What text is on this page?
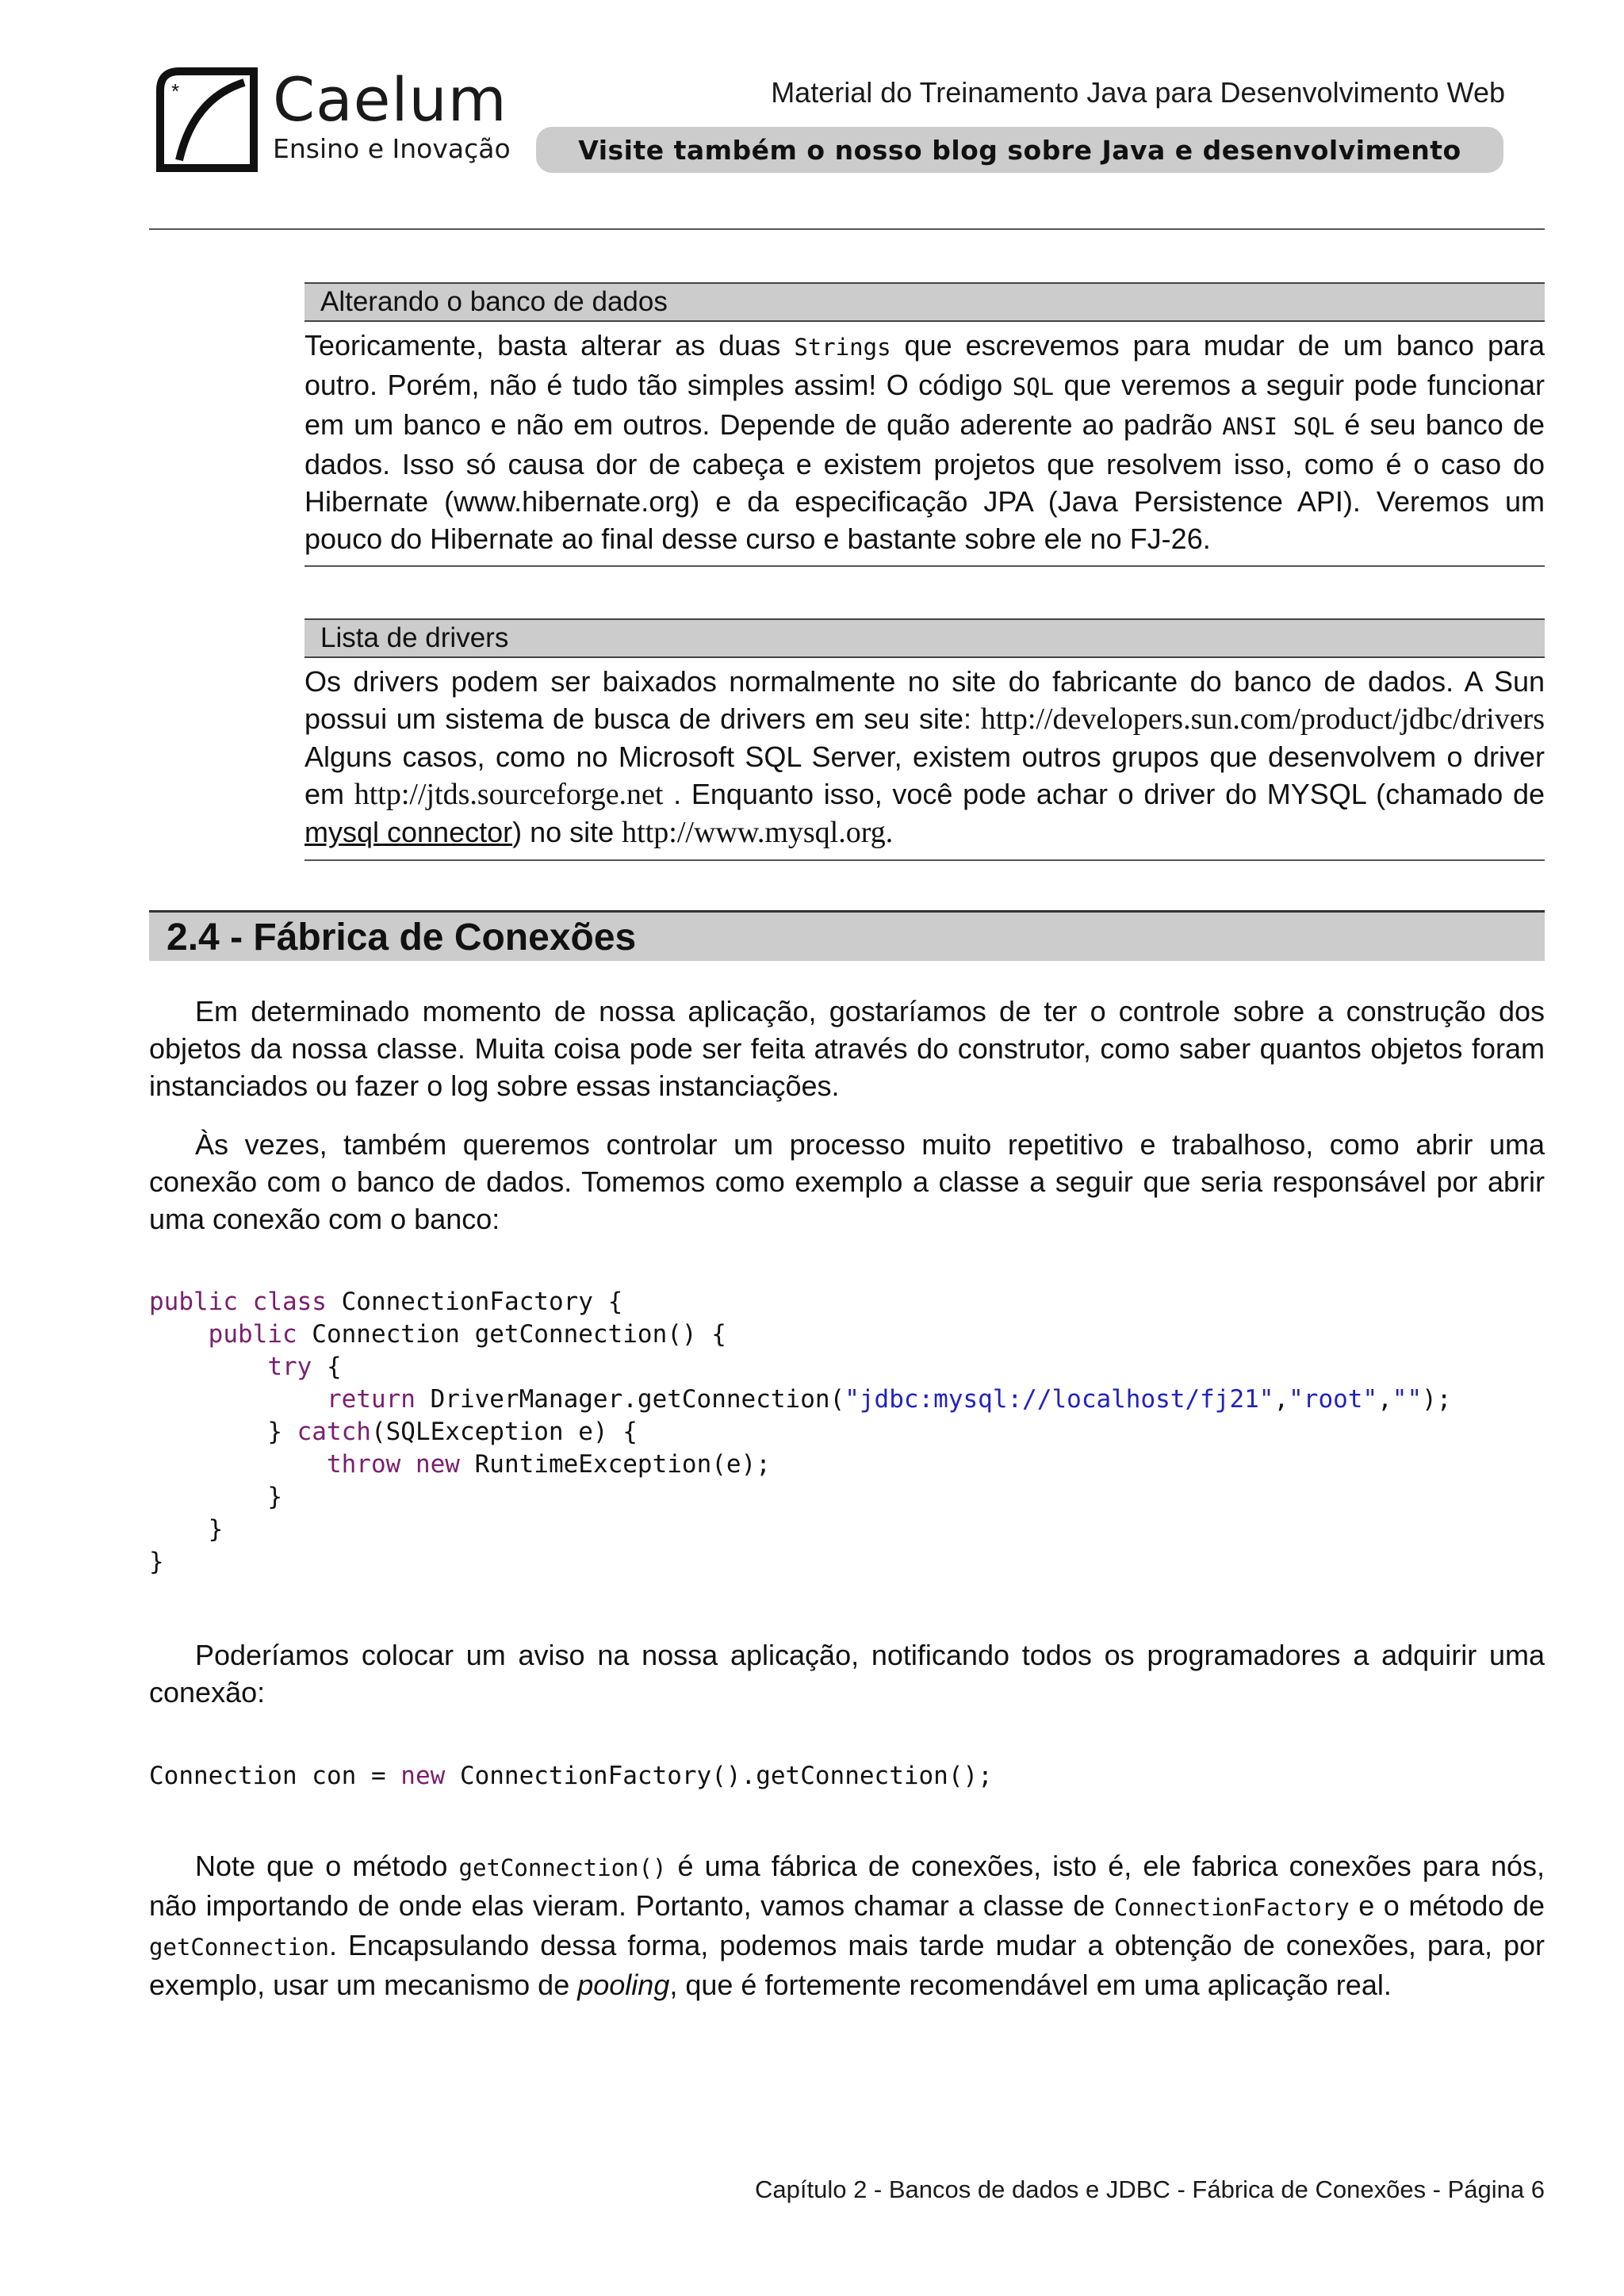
* Caelum
Ensino e Inovação
Material do Treinamento Java para Desenvolvimento Web
Visite também o nosso blog sobre Java e desenvolvimento
Alterando o banco de dados
Teoricamente, basta alterar as duas Strings que escrevemos para mudar de um banco para outro. Porém, não é tudo tão simples assim! O código SQL que veremos a seguir pode funcionar em um banco e não em outros. Depende de quão aderente ao padrão ANSI SQL é seu banco de dados. Isso só causa dor de cabeça e existem projetos que resolvem isso, como é o caso do Hibernate (www.hibernate.org) e da especificação JPA (Java Persistence API). Veremos um pouco do Hibernate ao final desse curso e bastante sobre ele no FJ-26.
Lista de drivers
Os drivers podem ser baixados normalmente no site do fabricante do banco de dados. A Sun possui um sistema de busca de drivers em seu site: http://developers.sun.com/product/jdbc/drivers Alguns casos, como no Microsoft SQL Server, existem outros grupos que desenvolvem o driver em http://jtds.sourceforge.net . Enquanto isso, você pode achar o driver do MYSQL (chamado de mysql connector) no site http://www.mysql.org.
2.4 - Fábrica de Conexões
Em determinado momento de nossa aplicação, gostaríamos de ter o controle sobre a construção dos objetos da nossa classe. Muita coisa pode ser feita através do construtor, como saber quantos objetos foram instanciados ou fazer o log sobre essas instanciações.
Às vezes, também queremos controlar um processo muito repetitivo e trabalhoso, como abrir uma conexão com o banco de dados. Tomemos como exemplo a classe a seguir que seria responsável por abrir uma conexão com o banco:
public class ConnectionFactory {
public Connection getConnection() {
try {
return DriverManager.getConnection("jdbc:mysql://localhost/fj21","root","");
} catch(SQLException e) {
throw new RuntimeException(e);
}
}
}
Poderíamos colocar um aviso na nossa aplicação, notificando todos os programadores a adquirir uma conexão:
Connection con = new ConnectionFactory().getConnection();
Note que o método getConnection() é uma fábrica de conexões, isto é, ele fabrica conexões para nós, não importando de onde elas vieram. Portanto, vamos chamar a classe de ConnectionFactory e o método de getConnection. Encapsulando dessa forma, podemos mais tarde mudar a obtenção de conexões, para, por exemplo, usar um mecanismo de pooling, que é fortemente recomendável em uma aplicação real.
Capítulo 2 - Bancos de dados e JDBC - Fábrica de Conexões - Página 6
